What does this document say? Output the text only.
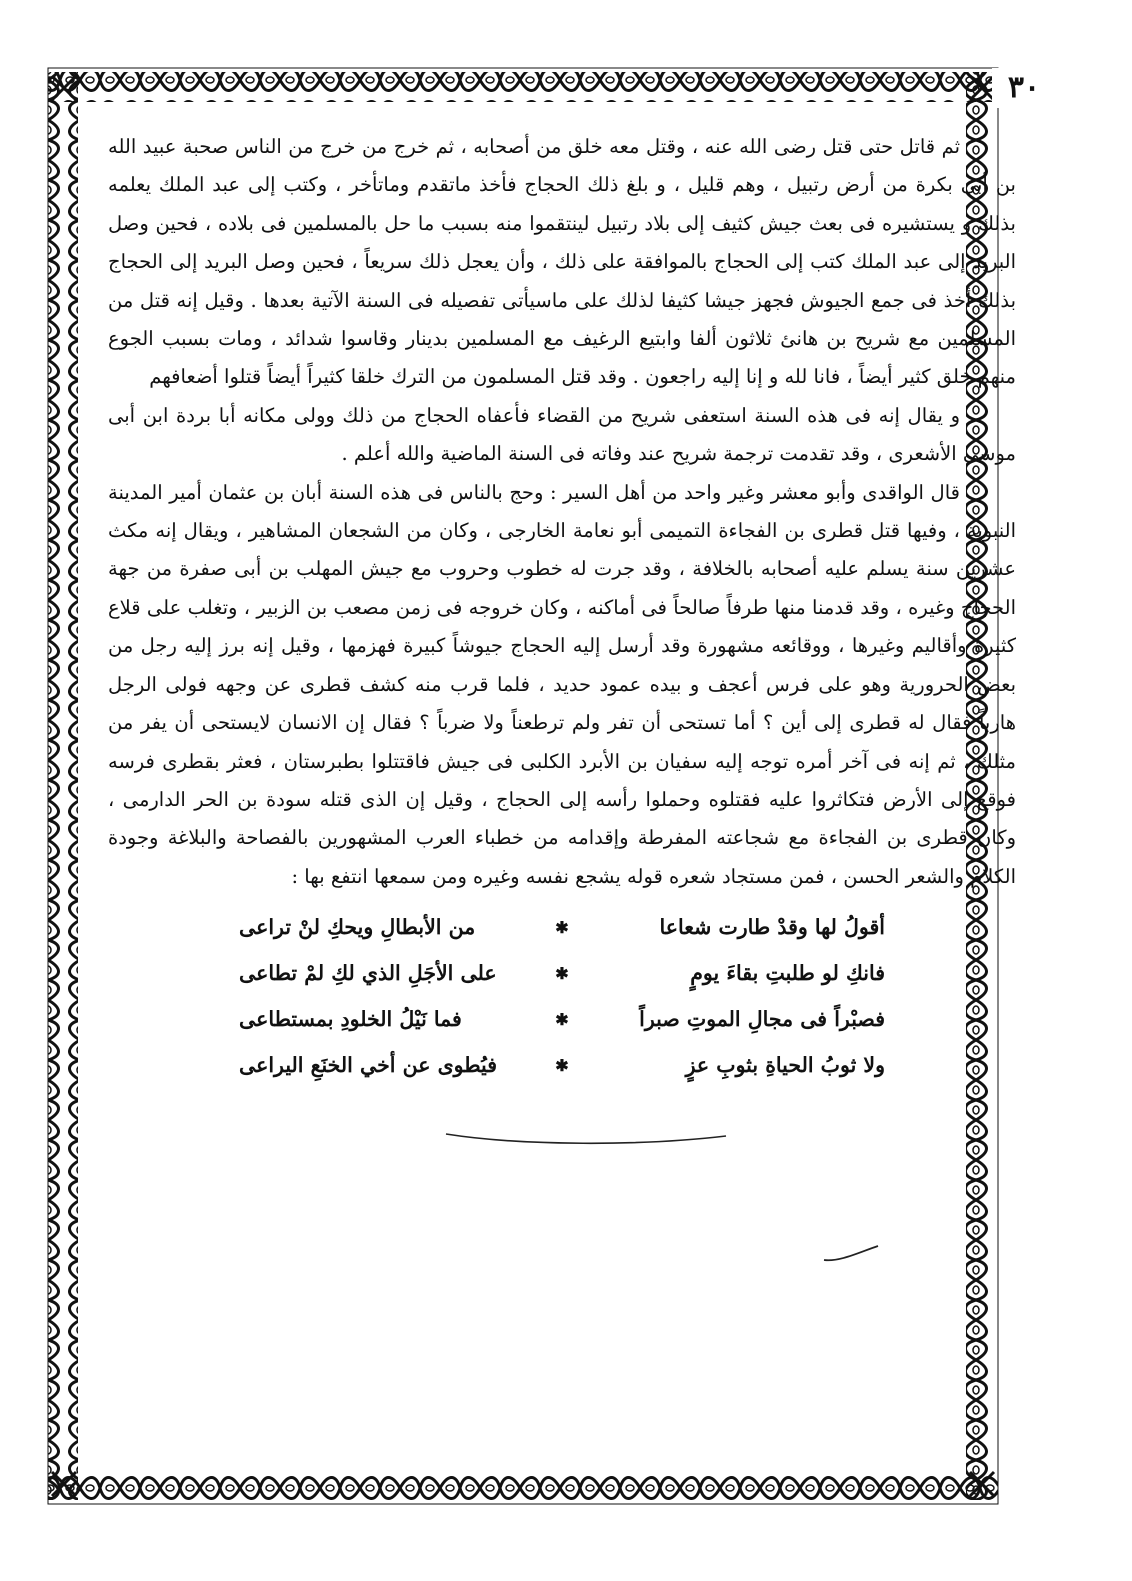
٣٠

ثم قاتل حتى قتل رضى الله عنه ، وقتل معه خلق من أصحابه ، ثم خرج من خرج من الناس صحبة عبيد الله بن أبى بكرة من أرض رتبيل ، وهم قليل ، و بلغ ذلك الحجاج فأخذ ماتقدم وماتأخر ، وكتب إلى عبد الملك يعلمه بذلك و يستشيره فى بعث جيش كثيف إلى بلاد رتبيل لينتقموا منه بسبب ما حل بالمسلمين فى بلاده ، فحين وصل البريد إلى عبد الملك كتب إلى الحجاج بالموافقة على ذلك ، وأن يعجل ذلك سريعاً ، فحين وصل البريد إلى الحجاج بذلك أخذ فى جمع الجيوش فجهز جيشا كثيفا لذلك على ماسيأتى تفصيله فى السنة الآتية بعدها . وقيل إنه قتل من المسلمين مع شريح بن هانئ ثلاثون ألفا وابتيع الرغيف مع المسلمين بدينار وقاسوا شدائد ، ومات بسبب الجوع منهم خلق كثير أيضاً ، فانا لله و إنا إليه راجعون . وقد قتل المسلمون من الترك خلقا كثيراً أيضاً قتلوا أضعافهم

و يقال إنه فى هذه السنة استعفى شريح من القضاء فأعفاه الحجاج من ذلك وولى مكانه أبا بردة ابن أبى موسى الأشعرى ، وقد تقدمت ترجمة شريح عند وفاته فى السنة الماضية والله أعلم .

قال الواقدى وأبو معشر وغير واحد من أهل السير : وحج بالناس فى هذه السنة أبان بن عثمان أمير المدينة النبوية ، وفيها قتل قطرى بن الفجاءة التميمى أبو نعامة الخارجى ، وكان من الشجعان المشاهير ، ويقال إنه مكث عشرين سنة يسلم عليه أصحابه بالخلافة ، وقد جرت له خطوب وحروب مع جيش المهلب بن أبى صفرة من جهة الحجاج وغيره ، وقد قدمنا منها طرفاً صالحاً فى أماكنه ، وكان خروجه فى زمن مصعب بن الزبير ، وتغلب على قلاع كثيرة وأقاليم وغيرها ، ووقائعه مشهورة وقد أرسل إليه الحجاج جيوشاً كبيرة فهزمها ، وقيل إنه برز إليه رجل من بعض الحرورية وهو على فرس أعجف و بيده عمود حديد ، فلما قرب منه كشف قطرى عن وجهه فولى الرجل هارباً فقال له قطرى إلى أين ؟ أما تستحى أن تفر ولم ترطعناً ولا ضرباً ؟ فقال إن الانسان لايستحى أن يفر من مثلك ، ثم إنه فى آخر أمره توجه إليه سفيان بن الأبرد الكلبى فى جيش فاقتتلوا بطبرستان ، فعثر بقطرى فرسه فوقع إلى الأرض فتكاثروا عليه فقتلوه وحملوا رأسه إلى الحجاج ، وقيل إن الذى قتله سودة بن الحر الدارمى ، وكان قطرى بن الفجاءة مع شجاعته المفرطة وإقدامه من خطباء العرب المشهورين بالفصاحة والبلاغة وجودة الكلام والشعر الحسن ، فمن مستجاد شعره قوله يشجع نفسه وغيره ومن سمعها انتفع بها :

أقولُ لها وقدْ طارت شعاعا
✱
من الأبطالِ ويحكِ لنْ تراعى
فانكِ لو طلبتِ بقاءَ يومٍ
✱
على الأجَلِ الذي لكِ لمْ تطاعى
فصبْراً فى مجالِ الموتِ صبراً
✱
فما نَيْلُ الخلودِ بمستطاعى
ولا ثوبُ الحياةِ بثوبِ عزٍ
✱
فيُطوى عن أخي الخنَعِ اليراعى
